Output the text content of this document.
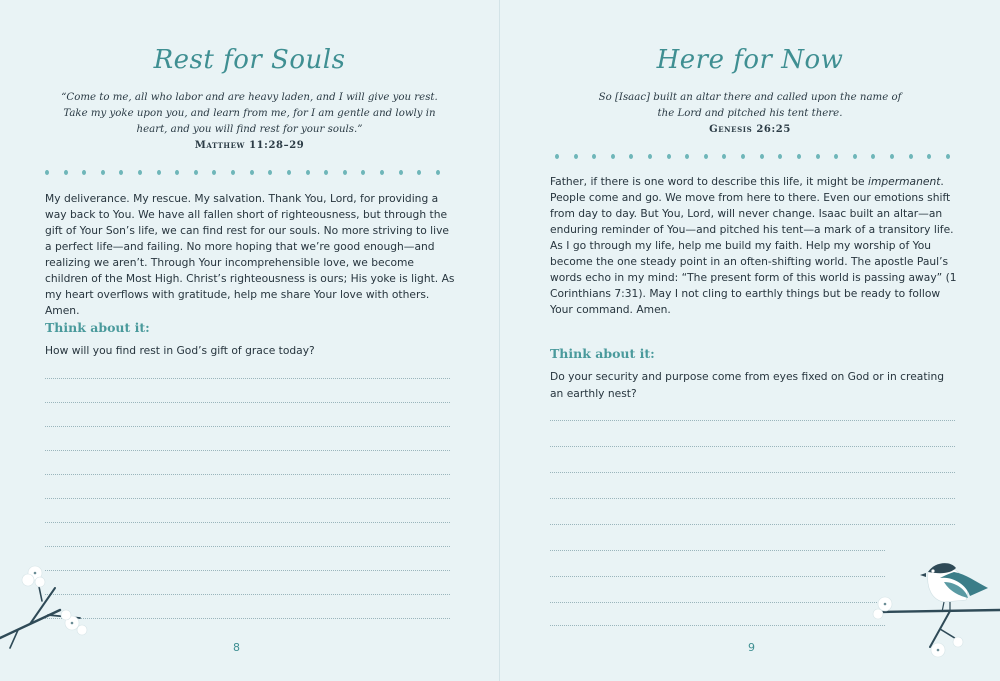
Rest for Souls
“Come to me, all who labor and are heavy laden, and I will give you rest. Take my yoke upon you, and learn from me, for I am gentle and lowly in heart, and you will find rest for your souls.”
Matthew 11:28–29
My deliverance. My rescue. My salvation. Thank You, Lord, for providing a way back to You. We have all fallen short of righteousness, but through the gift of Your Son’s life, we can find rest for our souls. No more striving to live a perfect life—and failing. No more hoping that we’re good enough—and realizing we aren’t. Through Your incomprehensible love, we become children of the Most High. Christ’s righteousness is ours; His yoke is light. As my heart overflows with gratitude, help me share Your love with others. Amen.
Think about it:
How will you find rest in God’s gift of grace today?
8
Here for Now
So [Isaac] built an altar there and called upon the name of the Lord and pitched his tent there.
Genesis 26:25
Father, if there is one word to describe this life, it might be impermanent. People come and go. We move from here to there. Even our emotions shift from day to day. But You, Lord, will never change. Isaac built an altar—an enduring reminder of You—and pitched his tent—a mark of a transitory life. As I go through my life, help me build my faith. Help my worship of You become the one steady point in an often-shifting world. The apostle Paul’s words echo in my mind: “The present form of this world is passing away” (1 Corinthians 7:31). May I not cling to earthly things but be ready to follow Your command. Amen.
Think about it:
Do your security and purpose come from eyes fixed on God or in creating an earthly nest?
9
